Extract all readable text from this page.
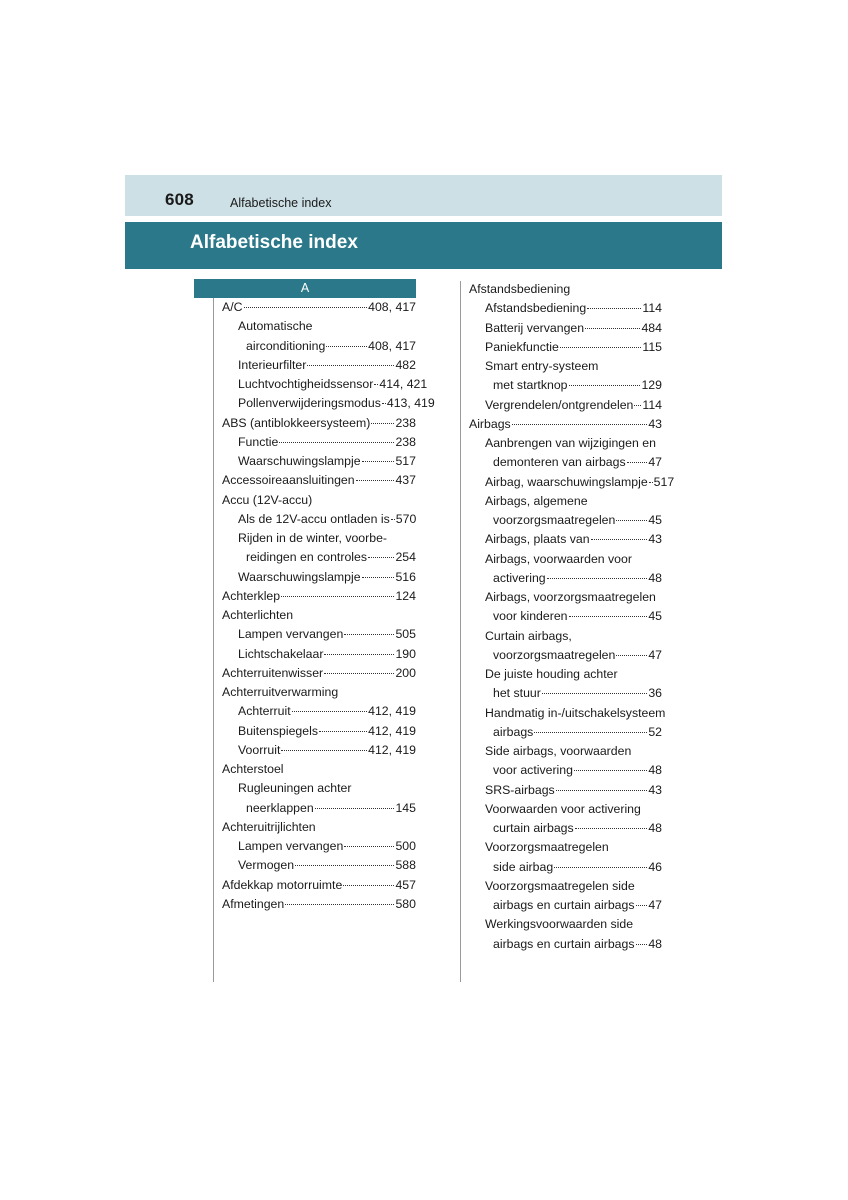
608	Alfabetische index
Alfabetische index
A
A/C	408, 417
Automatische
airconditioning	408, 417
Interieurfilter	482
Luchtvochtigheidssensor 414, 421
Pollenverwijderingsmodus 413, 419
ABS (antiblokkeersysteem) 238
Functie	238
Waarschuwingslampje	517
Accessoireaansluitingen	437
Accu (12V-accu)
Als de 12V-accu ontladen is 570
Rijden in de winter, voorbe-
reidingen en controles 254
Waarschuwingslampje	516
Achterklep	124
Achterlichten
Lampen vervangen	505
Lichtschakelaar	190
Achterruitenwisser	200
Achterruitverwarming
Achterruit	412, 419
Buitenspiegels	412, 419
Voorruit	412, 419
Achterstoel
Rugleuningen achter
neerklappen	145
Achteruitrijlichten
Lampen vervangen	500
Vermogen	588
Afdekkap motorruimte	457
Afmetingen	580
Afstandsbediening
Afstandsbediening	114
Batterij vervangen	484
Paniekfunctie	115
Smart entry-systeem
met startknop	129
Vergrendelen/ontgrendelen 114
Airbags	43
Aanbrengen van wijzigingen en
demonteren van airbags 47
Airbag, waarschuwingslampje 517
Airbags, algemene
voorzorgsmaatregelen	45
Airbags, plaats van	43
Airbags, voorwaarden voor
activering	48
Airbags, voorzorgsmaatregelen
voor kinderen	45
Curtain airbags,
voorzorgsmaatregelen	47
De juiste houding achter
het stuur	36
Handmatig in-/uitschakelsysteem
airbags	52
Side airbags, voorwaarden
voor activering	48
SRS-airbags	43
Voorwaarden voor activering
curtain airbags	48
Voorzorgsmaatregelen
side airbag	46
Voorzorgsmaatregelen side
airbags en curtain airbags 47
Werkingsvoorwaarden side
airbags en curtain airbags 48
